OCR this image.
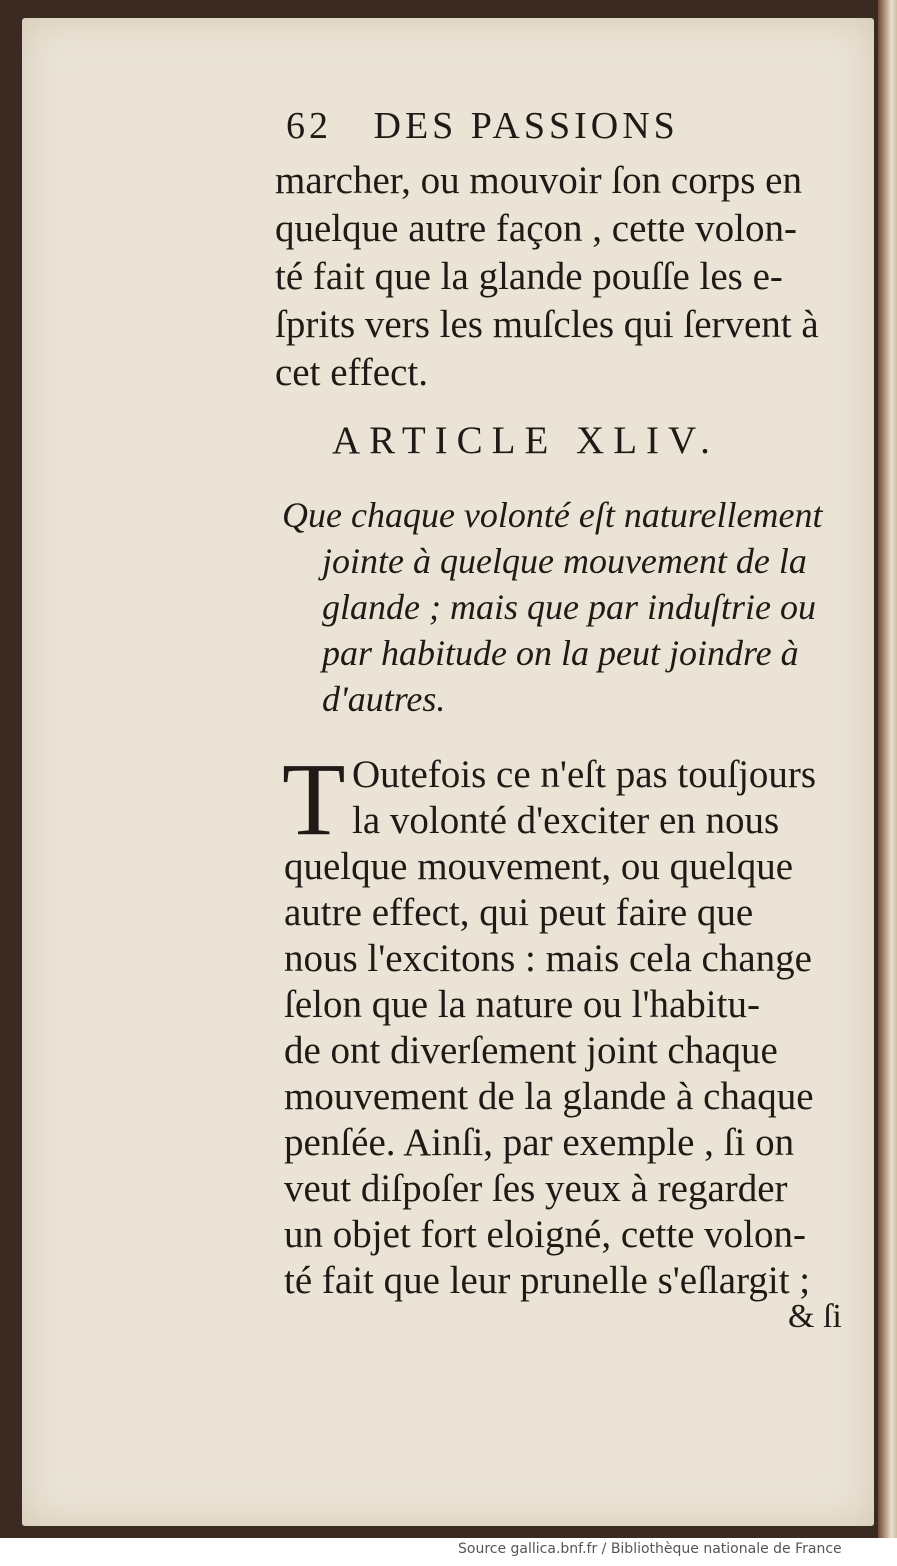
62 DES PASSIONS
marcher, ou mouvoir ſon corps en
quelque autre façon , cette volon-
té fait que la glande pouſſe les e-
ſprits vers les muſcles qui ſervent à
cet effect.
ARTICLE XLIV.
Que chaque volonté eſt naturellement
jointe à quelque mouvement de la
glande ; mais que par induſtrie ou
par habitude on la peut joindre à
d'autres.
T Outefois ce n'eſt pas touſjours
la volonté d'exciter en nous
quelque mouvement, ou quelque
autre effect, qui peut faire que
nous l'excitons : mais cela change
ſelon que la nature ou l'habitu-
de ont diverſement joint chaque
mouvement de la glande à chaque
penſée. Ainſi, par exemple , ſi on
veut diſpoſer ſes yeux à regarder
un objet fort eloigné, cette volon-
té fait que leur prunelle s'eſlargit ;
& ſi
Source gallica.bnf.fr / Bibliothèque nationale de France
